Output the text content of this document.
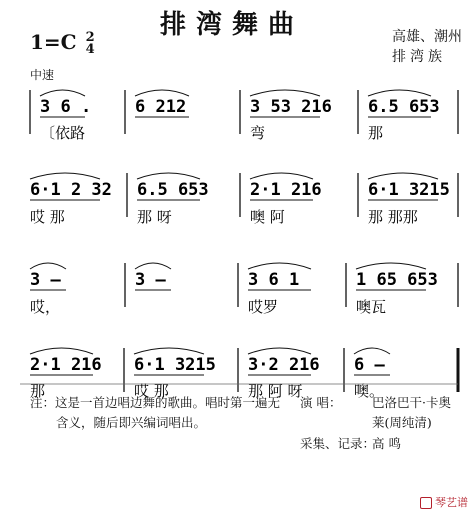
排湾舞曲
1=C 2
4
高雄、潮州
排湾族
中速
3 6 .
〔依路
6 212	3 53 216
弯
6.5 653
那
6·1 2 32
哎 那
6.5 653
那 呀
2·1 216
噢 阿
6·1 3215
那 那那
3 –
哎，
3 –	3 6 1
哎罗
1 65 653
噢瓦
2·1 216
那
6·1 3215
哎 那
3·2 216
那 阿 呀
6 –
噢。
注：这是一首边唱边舞的歌曲。唱时第一遍无
含义，随后即兴编词唱出。
演 唱： 巴洛巴干·卡奥
莱(周纯清)
采集、记录：
高 鸣
琴艺谱
